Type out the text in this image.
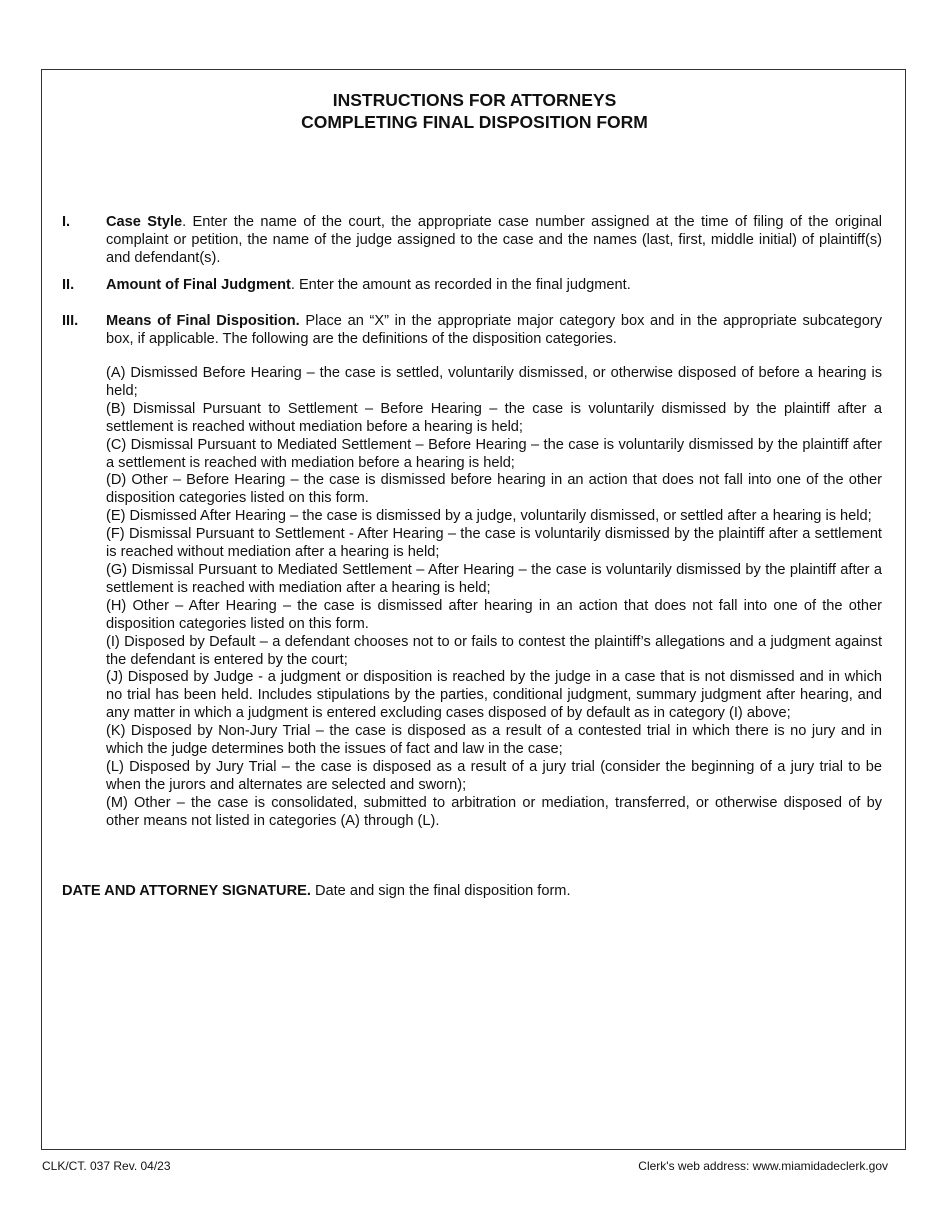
INSTRUCTIONS FOR ATTORNEYS
COMPLETING FINAL DISPOSITION FORM
I. Case Style. Enter the name of the court, the appropriate case number assigned at the time of filing of the original complaint or petition, the name of the judge assigned to the case and the names (last, first, middle initial) of plaintiff(s) and defendant(s).
II. Amount of Final Judgment. Enter the amount as recorded in the final judgment.
III. Means of Final Disposition. Place an “X” in the appropriate major category box and in the appropriate subcategory box, if applicable. The following are the definitions of the disposition categories.

(A) Dismissed Before Hearing – the case is settled, voluntarily dismissed, or otherwise disposed of before a hearing is held;

(B) Dismissal Pursuant to Settlement – Before Hearing – the case is voluntarily dismissed by the plaintiff after a settlement is reached without mediation before a hearing is held;

(C) Dismissal Pursuant to Mediated Settlement – Before Hearing – the case is voluntarily dismissed by the plaintiff after a settlement is reached with mediation before a hearing is held;

(D) Other – Before Hearing – the case is dismissed before hearing in an action that does not fall into one of the other disposition categories listed on this form.

(E) Dismissed After Hearing – the case is dismissed by a judge, voluntarily dismissed, or settled after a hearing is held;

(F) Dismissal Pursuant to Settlement - After Hearing – the case is voluntarily dismissed by the plaintiff after a settlement is reached without mediation after a hearing is held;

(G) Dismissal Pursuant to Mediated Settlement – After Hearing – the case is voluntarily dismissed by the plaintiff after a settlement is reached with mediation after a hearing is held;

(H) Other – After Hearing – the case is dismissed after hearing in an action that does not fall into one of the other disposition categories listed on this form.

(I) Disposed by Default – a defendant chooses not to or fails to contest the plaintiff’s allegations and a judgment against the defendant is entered by the court;

(J) Disposed by Judge - a judgment or disposition is reached by the judge in a case that is not dismissed and in which no trial has been held. Includes stipulations by the parties, conditional judgment, summary judgment after hearing, and any matter in which a judgment is entered excluding cases disposed of by default as in category (I) above;

(K) Disposed by Non-Jury Trial – the case is disposed as a result of a contested trial in which there is no jury and in which the judge determines both the issues of fact and law in the case;

(L) Disposed by Jury Trial – the case is disposed as a result of a jury trial (consider the beginning of a jury trial to be when the jurors and alternates are selected and sworn);

(M) Other – the case is consolidated, submitted to arbitration or mediation, transferred, or otherwise disposed of by other means not listed in categories (A) through (L).

DATE AND ATTORNEY SIGNATURE. Date and sign the final disposition form.
CLK/CT. 037 Rev. 04/23	Clerk's web address: www.miamidadeclerk.gov
